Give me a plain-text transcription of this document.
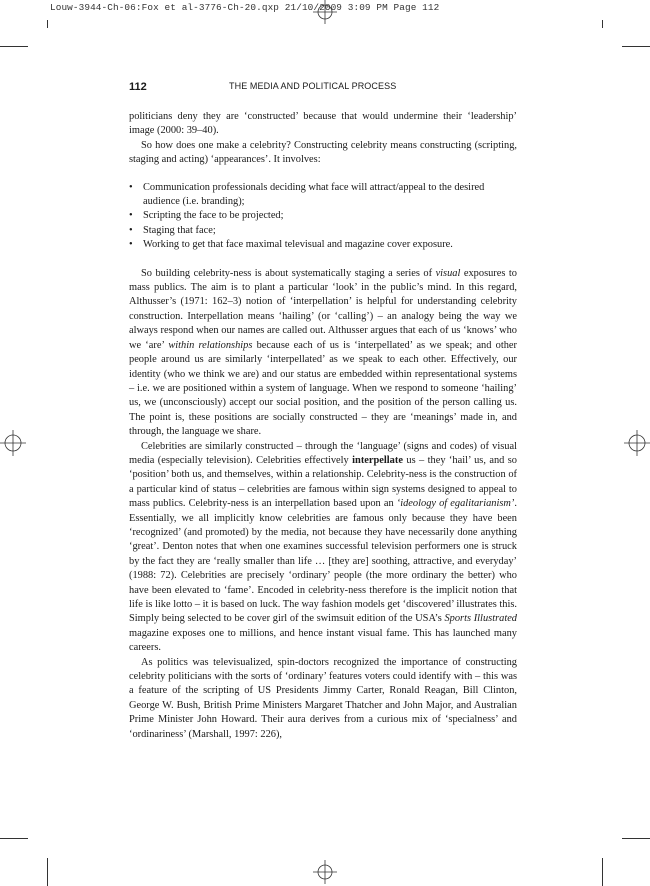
Louw-3944-Ch-06:Fox et al-3776-Ch-20.qxp 21/10/2009 3:09 PM Page 112
112	THE MEDIA AND POLITICAL PROCESS

politicians deny they are ‘constructed’ because that would undermine their ‘leadership’ image (2000: 39–40).

So how does one make a celebrity? Constructing celebrity means constructing (scripting, staging and acting) ‘appearances’. It involves:

• Communication professionals deciding what face will attract/appeal to the desired audience (i.e. branding);
• Scripting the face to be projected;
• Staging that face;
• Working to get that face maximal televisual and magazine cover exposure.

So building celebrity-ness is about systematically staging a series of visual exposures to mass publics. The aim is to plant a particular ‘look’ in the public’s mind. In this regard, Althusser’s (1971: 162–3) notion of ‘interpellation’ is helpful for understanding celebrity construction. Interpellation means ‘hailing’ (or ‘calling’) – an analogy being the way we always respond when our names are called out. Althusser argues that each of us ‘knows’ who we ‘are’ within relationships because each of us is ‘interpellated’ as we speak; and other people around us are similarly ‘interpellated’ as we speak to each other. Effectively, our identity (who we think we are) and our status are embedded within representational systems – i.e. we are positioned within a system of language. When we respond to someone ‘hailing’ us, we (unconsciously) accept our social position, and the position of the person calling us. The point is, these positions are socially constructed – they are ‘meanings’ made in, and through, the language we share.

Celebrities are similarly constructed – through the ‘language’ (signs and codes) of visual media (especially television). Celebrities effectively interpellate us – they ‘hail’ us, and so ‘position’ both us, and themselves, within a relationship. Celebrity-ness is the construction of a particular kind of status – celebrities are famous within sign systems designed to appeal to mass publics. Celebrity-ness is an interpellation based upon an ‘ideology of egalitarianism’. Essentially, we all implicitly know celebrities are famous only because they have been ‘recognized’ (and promoted) by the media, not because they have necessarily done anything ‘great’. Denton notes that when one examines successful television performers one is struck by the fact they are ‘really smaller than life … [they are] soothing, attractive, and everyday’ (1988: 72). Celebrities are precisely ‘ordinary’ people (the more ordinary the better) who have been elevated to ‘fame’. Encoded in celebrity-ness therefore is the implicit notion that life is like lotto – it is based on luck. The way fashion models get ‘discovered’ illustrates this. Simply being selected to be cover girl of the swimsuit edition of the USA’s Sports Illustrated magazine exposes one to millions, and hence instant visual fame. This has launched many careers.

As politics was televisualized, spin-doctors recognized the importance of constructing celebrity politicians with the sorts of ‘ordinary’ features voters could identify with – this was a feature of the scripting of US Presidents Jimmy Carter, Ronald Reagan, Bill Clinton, George W. Bush, British Prime Ministers Margaret Thatcher and John Major, and Australian Prime Minister John Howard. Their aura derives from a curious mix of ‘specialness’ and ‘ordinariness’ (Marshall, 1997: 226),
